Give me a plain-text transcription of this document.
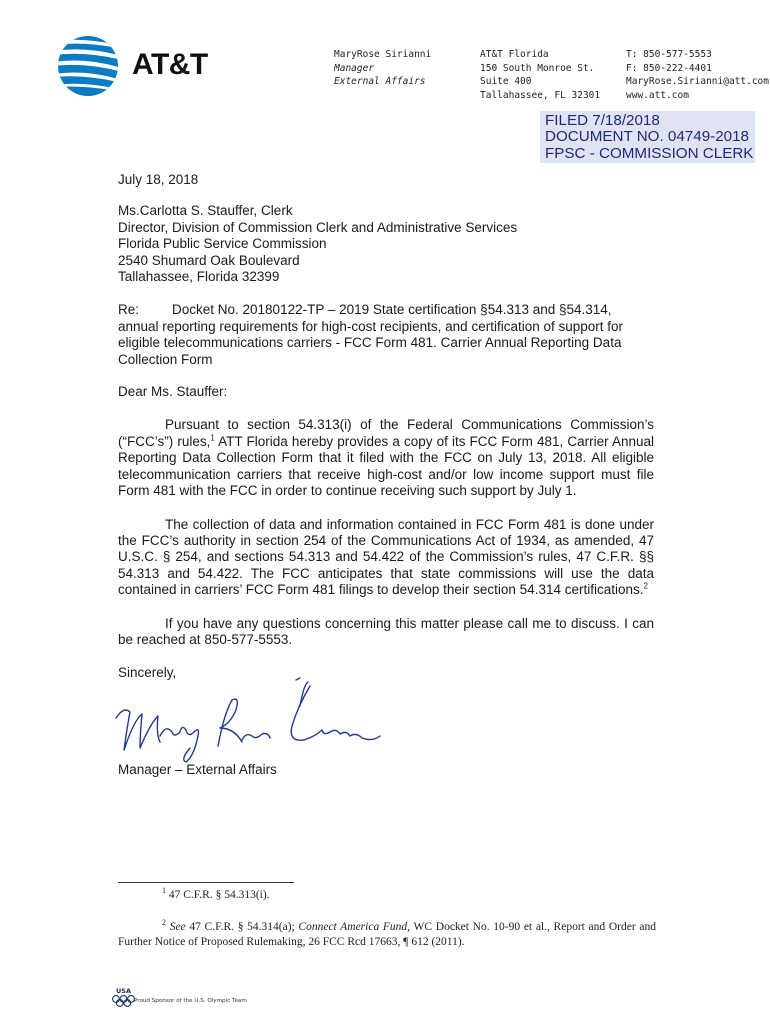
AT&T	MaryRose Sirianni
Manager
External Affairs
AT&T Florida
150 South Monroe St.
Suite 400
Tallahassee, FL 32301
T: 850-577-5553
F: 850-222-4401
MaryRose.Sirianni@att.com
www.att.com
FILED 7/18/2018
DOCUMENT NO. 04749-2018
FPSC - COMMISSION CLERK

July 18, 2018

Ms.Carlotta S. Stauffer, Clerk
Director, Division of Commission Clerk and Administrative Services
Florida Public Service Commission
2540 Shumard Oak Boulevard
Tallahassee, Florida 32399

Re: Docket No. 20180122-TP – 2019 State certification §54.313 and §54.314, annual reporting requirements for high-cost recipients, and certification of support for eligible telecommunications carriers - FCC Form 481. Carrier Annual Reporting Data Collection Form

Dear Ms. Stauffer:

Pursuant to section 54.313(i) of the Federal Communications Commission’s (“FCC’s”) rules,$^1$ ATT Florida hereby provides a copy of its FCC Form 481, Carrier Annual Reporting Data Collection Form that it filed with the FCC on July 13, 2018. All eligible telecommunication carriers that receive high-cost and/or low income support must file Form 481 with the FCC in order to continue receiving such support by July 1.

The collection of data and information contained in FCC Form 481 is done under the FCC’s authority in section 254 of the Communications Act of 1934, as amended, 47 U.S.C. § 254, and sections 54.313 and 54.422 of the Commission’s rules, 47 C.F.R. §§ 54.313 and 54.422. The FCC anticipates that state commissions will use the data contained in carriers’ FCC Form 481 filings to develop their section 54.314 certifications.$^2$

If you have any questions concerning this matter please call me to discuss. I can be reached at 850-577-5553.

Sincerely,

Manager – External Affairs
$^1$ 47 C.F.R. § 54.313(i).
$^2$ See 47 C.F.R. § 54.314(a); Connect America Fund, WC Docket No. 10-90 et al., Report and Order and Further Notice of Proposed Rulemaking, 26 FCC Rcd 17663, ¶ 612 (2011).
USA
Proud Sponsor of the U.S. Olympic Team
